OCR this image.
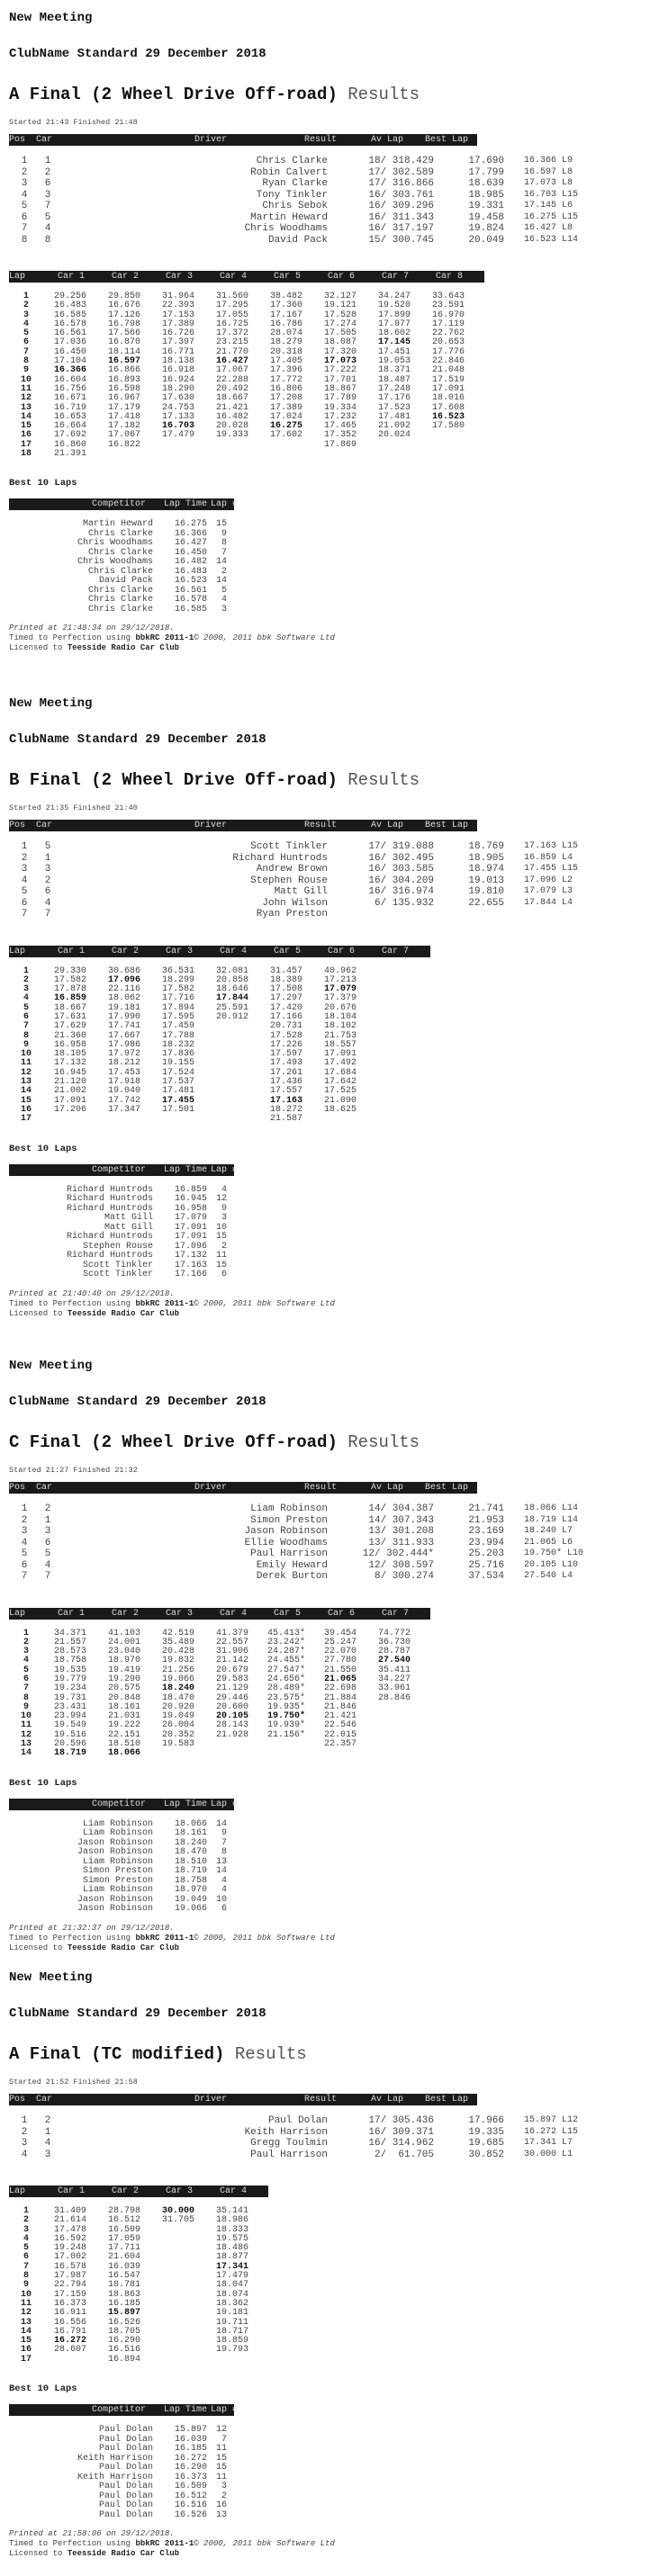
New Meeting
ClubName Standard 29 December 2018
A Final (2 Wheel Drive Off-road) Results
Started 21:43 Finished 21:48
Pos Car	Driver	Result	Av Lap Best Lap
1	1	Chris Clarke	18/ 318.429	17.690	16.366 L9
2	2	Robin Calvert	17/ 302.589	17.799	16.597 L8
3	6	Ryan Clarke	17/ 316.866	18.639	17.073 L8
4	3	Tony Tinkler	16/ 303.761	18.985	16.703 L15
5	7	Chris Sebok	16/ 309.296	19.331	17.145 L6
6	5	Martin Heward	16/ 311.343	19.458	16.275 L15
7	4	Chris Woodhams	16/ 317.197	19.824	16.427 L8
8	8	David Pack	15/ 300.745	20.049	16.523 L14
Lap	Car 1	Car 2	Car 3	Car 4	Car 5	Car 6	Car 7	Car 8
1	29.256	29.850	31.964	31.560	38.482	32.127	34.247	33.643
2	16.483	16.676	22.393	17.295	17.360	19.121	19.520	23.591
3	16.585	17.126	17.153	17.055	17.167	17.528	17.899	16.970
4	16.578	16.798	17.389	16.725	16.786	17.274	17.977	17.119
5	16.561	17.566	16.726	17.372	28.074	17.505	18.602	22.762
6	17.036	16.870	17.397	23.215	18.279	18.087	17.145	20.653
7	16.450	18.114	16.771	21.770	20.318	17.320	17.451	17.776
8	17.104	16.597	18.138	16.427	17.405	17.073	19.053	22.846
9	16.366	16.866	16.918	17.067	17.396	17.222	18.371	21.048
10	16.604	16.893	16.924	22.288	17.772	17.701	18.487	17.519
11	16.756	16.598	18.290	20.492	16.806	18.867	17.248	17.091
12	16.671	16.967	17.630	18.667	17.208	17.789	17.176	18.016
13	16.719	17.179	24.753	21.421	17.389	19.334	17.523	17.608
14	16.653	17.418	17.133	16.482	17.024	17.232	17.481	16.523
15	16.664	17.182	16.703	20.028	16.275	17.465	21.092	17.580
16	17.692	17.067	17.479	19.333	17.602	17.352	20.024	
17	16.860	16.822				17.869		
18	21.391							
Best 10 Laps
Competitor Lap Time Lap #
Martin Heward	16.275	15
Chris Clarke	16.366	9
Chris Woodhams	16.427	8
Chris Clarke	16.450	7
Chris Woodhams	16.482	14
Chris Clarke	16.483	2
David Pack	16.523	14
Chris Clarke	16.561	5
Chris Clarke	16.578	4
Chris Clarke	16.585	3
Printed at 21:48:34 on 29/12/2018.
Timed to Perfection using bbkRC 2011-1© 2000, 2011 bbk Software Ltd
Licensed to Teesside Radio Car Club
New Meeting
ClubName Standard 29 December 2018
B Final (2 Wheel Drive Off-road) Results
Started 21:35 Finished 21:40
Pos Car	Driver	Result	Av Lap Best Lap
1	5	Scott Tinkler	17/ 319.088	18.769	17.163 L15
2	1	Richard Huntrods	16/ 302.495	18.905	16.859 L4
3	3	Andrew Brown	16/ 303.585	18.974	17.455 L15
4	2	Stephen Rouse	16/ 304.209	19.013	17.096 L2
5	6	Matt Gill	16/ 316.974	19.810	17.079 L3
6	4	John Wilson	6/ 135.932	22.655	17.844 L4
7	7	Ryan Preston			
Lap	Car 1	Car 2	Car 3	Car 4	Car 5	Car 6	Car 7
1	29.330	30.686	36.531	32.081	31.457	40.962	
2	17.582	17.096	18.299	20.858	18.389	17.213	
3	17.878	22.116	17.582	18.646	17.508	17.079	
4	16.859	18.062	17.716	17.844	17.297	17.379	
5	18.667	19.181	17.894	25.591	17.420	20.676	
6	17.631	17.990	17.595	20.912	17.166	18.104	
7	17.629	17.741	17.459		20.731	18.102	
8	21.360	17.667	17.788		17.528	21.753	
9	16.958	17.986	18.232		17.226	18.557	
10	18.105	17.972	17.836		17.597	17.091	
11	17.132	18.212	19.155		17.493	17.492	
12	16.945	17.453	17.524		17.261	17.684	
13	21.120	17.918	17.537		17.436	17.642	
14	21.002	19.040	17.481		17.557	17.525	
15	17.091	17.742	17.455		17.163	21.090	
16	17.206	17.347	17.501		18.272	18.625	
17					21.587		
Best 10 Laps
Competitor Lap Time Lap #
Richard Huntrods	16.859	4
Richard Huntrods	16.945	12
Richard Huntrods	16.958	9
Matt Gill	17.079	3
Matt Gill	17.091	10
Richard Huntrods	17.091	15
Stephen Rouse	17.096	2
Richard Huntrods	17.132	11
Scott Tinkler	17.163	15
Scott Tinkler	17.166	6
Printed at 21:40:40 on 29/12/2018.
Timed to Perfection using bbkRC 2011-1© 2000, 2011 bbk Software Ltd
Licensed to Teesside Radio Car Club
New Meeting
ClubName Standard 29 December 2018
C Final (2 Wheel Drive Off-road) Results
Started 21:27 Finished 21:32
Pos Car	Driver	Result	Av Lap Best Lap
1	2	Liam Robinson	14/ 304.387	21.741	18.066 L14
2	1	Simon Preston	14/ 307.343	21.953	18.719 L14
3	3	Jason Robinson	13/ 301.208	23.169	18.240 L7
4	6	Ellie Woodhams	13/ 311.933	23.994	21.065 L6
5	5	Paul Harrison	12/ 302.444*	25.203	19.750* L10
6	4	Emily Heward	12/ 308.597	25.716	20.105 L10
7	7	Derek Burton	8/ 300.274	37.534	27.540 L4
Lap	Car 1	Car 2	Car 3	Car 4	Car 5	Car 6	Car 7
1	34.371	41.103	42.519	41.379	45.413*	39.454	74.772
2	21.557	24.001	35.489	22.557	23.242*	25.247	36.730
3	28.573	23.040	20.428	31.906	24.287*	22.070	28.787
4	18.758	18.970	19.832	21.142	24.455*	27.780	27.540
5	19.535	19.419	21.256	20.679	27.547*	21.550	35.411
6	19.779	19.290	19.066	29.583	24.656*	21.065	34.227
7	19.234	20.575	18.240	21.129	28.489*	22.698	33.961
8	19.731	20.848	18.470	29.446	23.575*	21.884	28.846
9	23.431	18.161	20.920	20.600	19.935*	21.846	
10	23.994	21.031	19.049	20.105	19.750*	21.421	
11	19.549	19.222	26.004	28.143	19.939*	22.546	
12	19.516	22.151	20.352	21.928	21.156*	22.015	
13	20.596	18.510	19.583			22.357	
14	18.719	18.066					
Best 10 Laps
Competitor Lap Time Lap #
Liam Robinson	18.066	14
Liam Robinson	18.161	9
Jason Robinson	18.240	7
Jason Robinson	18.470	8
Liam Robinson	18.510	13
Simon Preston	18.719	14
Simon Preston	18.758	4
Liam Robinson	18.970	4
Jason Robinson	19.049	10
Jason Robinson	19.066	6
Printed at 21:32:37 on 29/12/2018.
Timed to Perfection using bbkRC 2011-1© 2000, 2011 bbk Software Ltd
Licensed to Teesside Radio Car Club
New Meeting
ClubName Standard 29 December 2018
A Final (TC modified) Results
Started 21:52 Finished 21:58
Pos Car	Driver	Result	Av Lap Best Lap
1	2	Paul Dolan	17/ 305.436	17.966	15.897 L12
2	1	Keith Harrison	16/ 309.371	19.335	16.272 L15
3	4	Gregg Toulmin	16/ 314.962	19.685	17.341 L7
4	3	Paul Harrison	2/  61.705	30.852	30.000 L1
Lap	Car 1	Car 2	Car 3	Car 4
1	31.409	28.798	30.000	35.141
2	21.614	16.512	31.705	18.986
3	17.478	16.509		18.333
4	16.592	17.059		19.575
5	19.248	17.711		18.486
6	17.002	21.604		18.877
7	16.578	16.039		17.341
8	17.987	16.547		17.479
9	22.794	18.781		18.047
10	17.159	18.863		18.074
11	16.373	16.185		18.362
12	16.911	15.897		19.181
13	16.556	16.526		19.711
14	16.791	18.705		18.717
15	16.272	16.290		18.859
16	28.607	16.516		19.793
17		16.894		
Best 10 Laps
Competitor Lap Time Lap #
Paul Dolan	15.897	12
Paul Dolan	16.039	7
Paul Dolan	16.185	11
Keith Harrison	16.272	15
Paul Dolan	16.290	15
Keith Harrison	16.373	11
Paul Dolan	16.509	3
Paul Dolan	16.512	2
Paul Dolan	16.516	16
Paul Dolan	16.526	13
Printed at 21:58:06 on 29/12/2018.
Timed to Perfection using bbkRC 2011-1© 2000, 2011 bbk Software Ltd
Licensed to Teesside Radio Car Club
